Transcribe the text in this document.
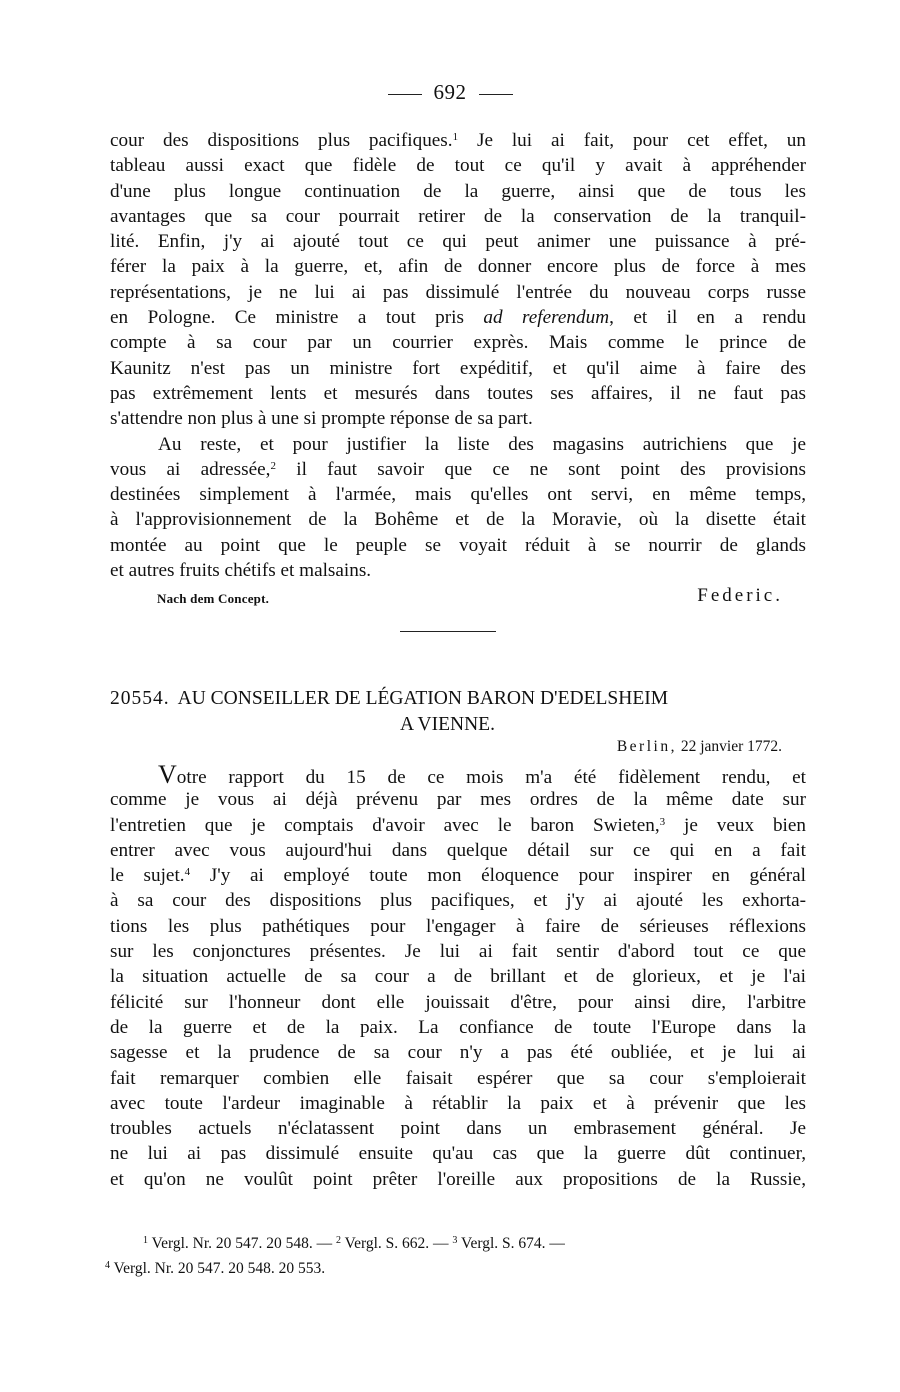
692
cour des dispositions plus pacifiques.$^1$ Je lui ai fait, pour cet effet, un
tableau aussi exact que fidèle de tout ce qu'il y avait à appréhender
d'une plus longue continuation de la guerre, ainsi que de tous les
avantages que sa cour pourrait retirer de la conservation de la tranquil-
lité. Enfin, j'y ai ajouté tout ce qui peut animer une puissance à pré-
férer la paix à la guerre, et, afin de donner encore plus de force à mes
représentations, je ne lui ai pas dissimulé l'entrée du nouveau corps russe
en Pologne. Ce ministre a tout pris ad referendum, et il en a rendu
compte à sa cour par un courrier exprès. Mais comme le prince de
Kaunitz n'est pas un ministre fort expéditif, et qu'il aime à faire des
pas extrêmement lents et mesurés dans toutes ses affaires, il ne faut pas
s'attendre non plus à une si prompte réponse de sa part.
Au reste, et pour justifier la liste des magasins autrichiens que je
vous ai adressée,$^2$ il faut savoir que ce ne sont point des provisions
destinées simplement à l'armée, mais qu'elles ont servi, en même temps,
à l'approvisionnement de la Bohême et de la Moravie, où la disette était
montée au point que le peuple se voyait réduit à se nourrir de glands
et autres fruits chétifs et malsains.
Nach dem Concept.	Federic.
20554. AU CONSEILLER DE LÉGATION BARON D'EDELSHEIM
A VIENNE.
Berlin, 22 janvier 1772.
Votre rapport du 15 de ce mois m'a été fidèlement rendu, et
comme je vous ai déjà prévenu par mes ordres de la même date sur
l'entretien que je comptais d'avoir avec le baron Swieten,$^3$ je veux bien
entrer avec vous aujourd'hui dans quelque détail sur ce qui en a fait
le sujet.$^4$ J'y ai employé toute mon éloquence pour inspirer en général
à sa cour des dispositions plus pacifiques, et j'y ai ajouté les exhorta-
tions les plus pathétiques pour l'engager à faire de sérieuses réflexions
sur les conjonctures présentes. Je lui ai fait sentir d'abord tout ce que
la situation actuelle de sa cour a de brillant et de glorieux, et je l'ai
félicité sur l'honneur dont elle jouissait d'être, pour ainsi dire, l'arbitre
de la guerre et de la paix. La confiance de toute l'Europe dans la
sagesse et la prudence de sa cour n'y a pas été oubliée, et je lui ai
fait remarquer combien elle faisait espérer que sa cour s'emploierait
avec toute l'ardeur imaginable à rétablir la paix et à prévenir que les
troubles actuels n'éclatassent point dans un embrasement général. Je
ne lui ai pas dissimulé ensuite qu'au cas que la guerre dût continuer,
et qu'on ne voulût point prêter l'oreille aux propositions de la Russie,
$^1$ Vergl. Nr. 20 547. 20 548. — $^2$ Vergl. S. 662. — $^3$ Vergl. S. 674. —
$^4$ Vergl. Nr. 20 547. 20 548. 20 553.
